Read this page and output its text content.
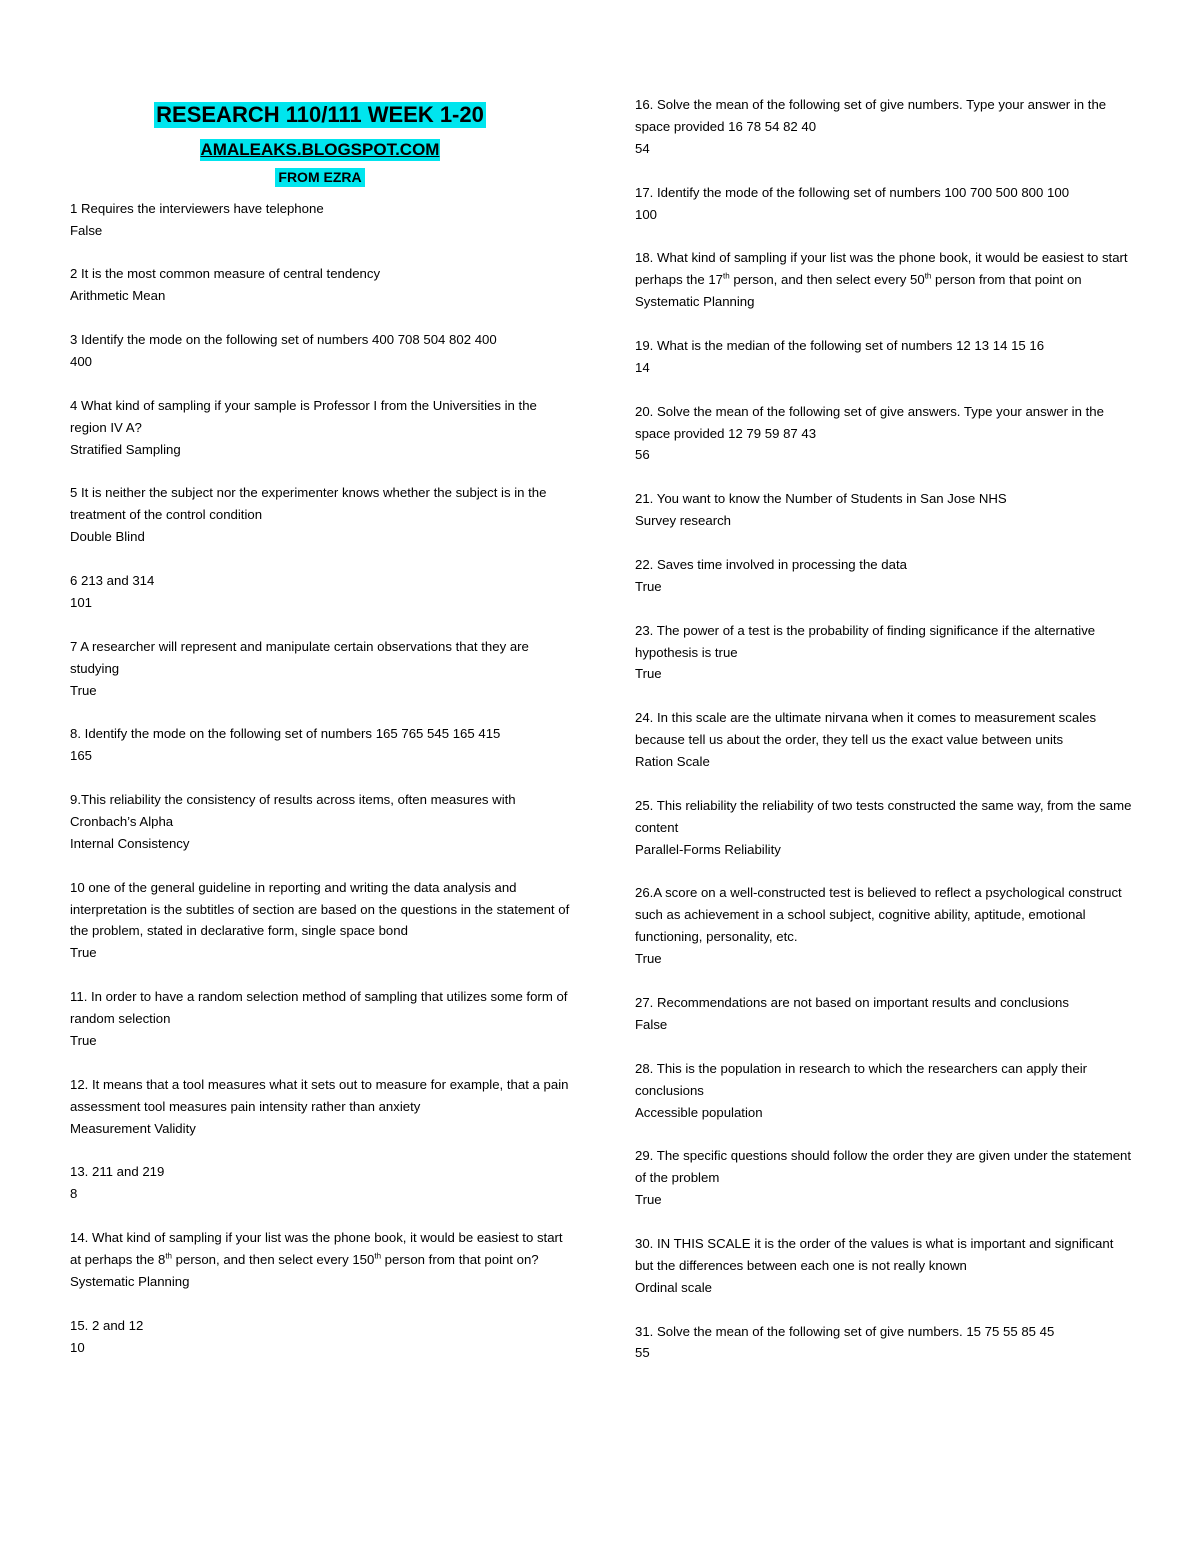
RESEARCH 110/111 WEEK 1-20
AMALEAKS.BLOGSPOT.COM
FROM EZRA
1 Requires the interviewers have telephone
False
2 It is the most common measure of central tendency
Arithmetic Mean
3 Identify the mode on the following set of numbers 400 708 504 802 400
400
4 What kind of sampling if your sample is Professor I from the Universities in the region IV A?
Stratified Sampling
5 It is neither the subject nor the experimenter knows whether the subject is in the treatment of the control condition
Double Blind
6 213 and 314
101
7 A researcher will represent and manipulate certain observations that they are studying
True
8. Identify the mode on the following set of numbers 165 765 545 165 415
165
9.This reliability the consistency of results across items, often measures with Cronbach’s Alpha
Internal Consistency
10 one of the general guideline in reporting and writing the data analysis and interpretation is the subtitles of section are based on the questions in the statement of the problem, stated in declarative form, single space bond
True
11. In order to have a random selection method of sampling that utilizes some form of random selection
True
12. It means that a tool measures what it sets out to measure for example, that a pain assessment tool measures pain intensity rather than anxiety
Measurement Validity
13. 211 and 219
8
14. What kind of sampling if your list was the phone book, it would be easiest to start at perhaps the 8th person, and then select every 150th person from that point on?
Systematic Planning
15. 2 and 12
10
16. Solve the mean of the following set of give numbers. Type your answer in the space provided 16 78 54 82 40
54
17. Identify the mode of the following set of numbers 100 700 500 800 100
100
18. What kind of sampling if your list was the phone book, it would be easiest to start perhaps the 17th person, and then select every 50th person from that point on
Systematic Planning
19. What is the median of the following set of numbers 12 13 14 15 16
14
20. Solve the mean of the following set of give answers. Type your answer in the space provided 12 79 59 87 43
56
21. You want to know the Number of Students in San Jose NHS
Survey research
22. Saves time involved in processing the data
True
23. The power of a test is the probability of finding significance if the alternative hypothesis is true
True
24. In this scale are the ultimate nirvana when it comes to measurement scales because tell us about the order, they tell us the exact value between units
Ration Scale
25. This reliability the reliability of two tests constructed the same way, from the same content
Parallel-Forms Reliability
26.A score on a well-constructed test is believed to reflect a psychological construct such as achievement in a school subject, cognitive ability, aptitude, emotional functioning, personality, etc.
True
27. Recommendations are not based on important results and conclusions
False
28. This is the population in research to which the researchers can apply their conclusions
Accessible population
29. The specific questions should follow the order they are given under the statement of the problem
True
30. IN THIS SCALE it is the order of the values is what is important and significant but the differences between each one is not really known
Ordinal scale
31. Solve the mean of the following set of give numbers. 15 75 55 85 45
55
